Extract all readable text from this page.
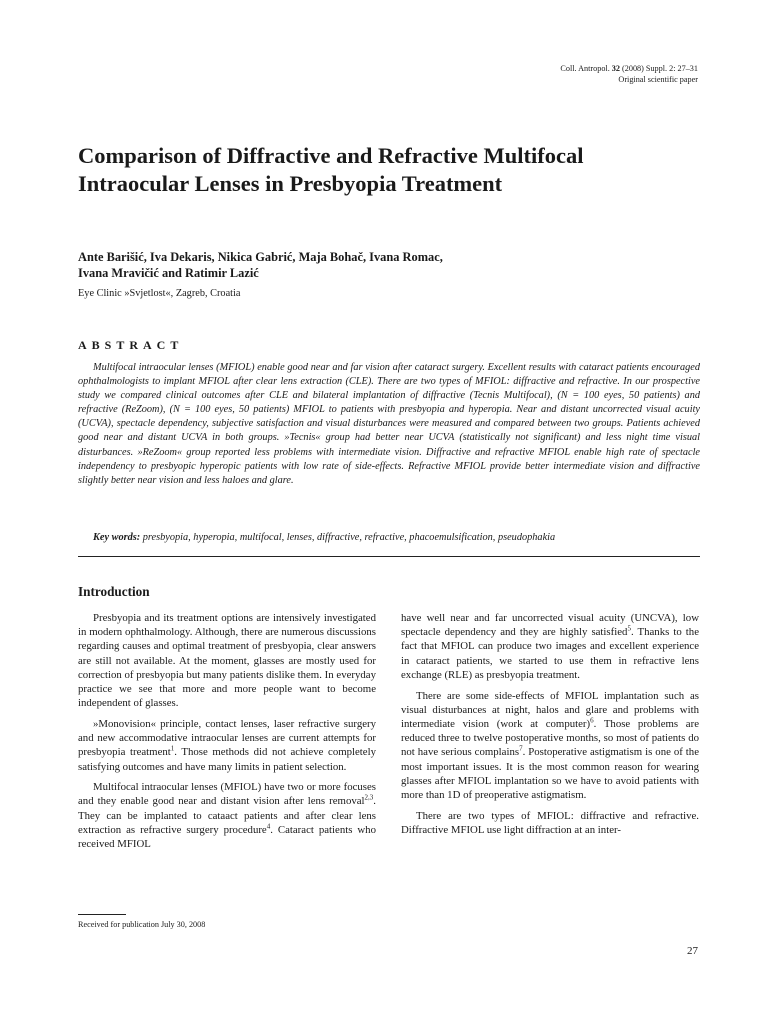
Coll. Antropol. 32 (2008) Suppl. 2: 27–31
Original scientific paper
Comparison of Diffractive and Refractive Multifocal Intraocular Lenses in Presbyopia Treatment
Ante Barišić, Iva Dekaris, Nikica Gabrić, Maja Bohač, Ivana Romac,
Ivana Mravičić and Ratimir Lazić
Eye Clinic »Svjetlost«, Zagreb, Croatia
ABSTRACT

Multifocal intraocular lenses (MFIOL) enable good near and far vision after cataract surgery. Excellent results with cataract patients encouraged ophthalmologists to implant MFIOL after clear lens extraction (CLE). There are two types of MFIOL: diffractive and refractive. In our prospective study we compared clinical outcomes after CLE and bilateral implantation of diffractive (Tecnis Multifocal), (N = 100 eyes, 50 patients) and refractive (ReZoom), (N = 100 eyes, 50 patients) MFIOL to patients with presbyopia and hyperopia. Near and distant uncorrected visual acuity (UCVA), spectacle dependency, subjective satisfaction and visual disturbances were measured and compared between two groups. Patients achieved good near and distant UCVA in both groups. »Tecnis« group had better near UCVA (statistically not significant) and less night time visual disturbances. »ReZoom« group reported less problems with intermediate vision. Diffractive and refractive MFIOL enable high rate of spectacle independency to presbyopic hyperopic patients with low rate of side-effects. Refractive MFIOL provide better intermediate vision and diffractive slightly better near vision and less haloes and glare.

Key words: presbyopia, hyperopia, multifocal, lenses, diffractive, refractive, phacoemulsification, pseudophakia
Introduction

Presbyopia and its treatment options are intensively investigated in modern ophthalmology. Although, there are numerous discussions regarding causes and optimal treatment of presbyopia, clear answers are still not available. At the moment, glasses are mostly used for correction of presbyopia but many patients dislike them. In everyday practice we see that more and more people want to become independent of glasses.

»Monovision« principle, contact lenses, laser refractive surgery and new accommodative intraocular lenses are current attempts for presbyopia treatment$^1$. Those methods did not achieve completely satisfying outcomes and have many limits in patient selection.

Multifocal intraocular lenses (MFIOL) have two or more focuses and they enable good near and distant vision after lens removal$^{2,3}$. They can be implanted to cataact patients and after clear lens extraction as refractive surgery procedure$^4$. Cataract patients who received MFIOL

have well near and far uncorrected visual acuity (UNCVA), low spectacle dependency and they are highly satisfied$^5$. Thanks to the fact that MFIOL can produce two images and excellent experience in cataract patients, we started to use them in refractive lens exchange (RLE) as presbyopia treatment.

There are some side-effects of MFIOL implantation such as visual disturbances at night, halos and glare and problems with intermediate vision (work at computer)$^6$. Those problems are reduced three to twelve postoperative months, so most of patients do not have serious complains$^7$. Postoperative astigmatism is one of the most important issues. It is the most common reason for wearing glasses after MFIOL implantation so we have to avoid patients with more than 1D of preoperative astigmatism.

There are two types of MFIOL: diffractive and refractive. Diffractive MFIOL use light diffraction at an inter-

Received for publication July 30, 2008
27
